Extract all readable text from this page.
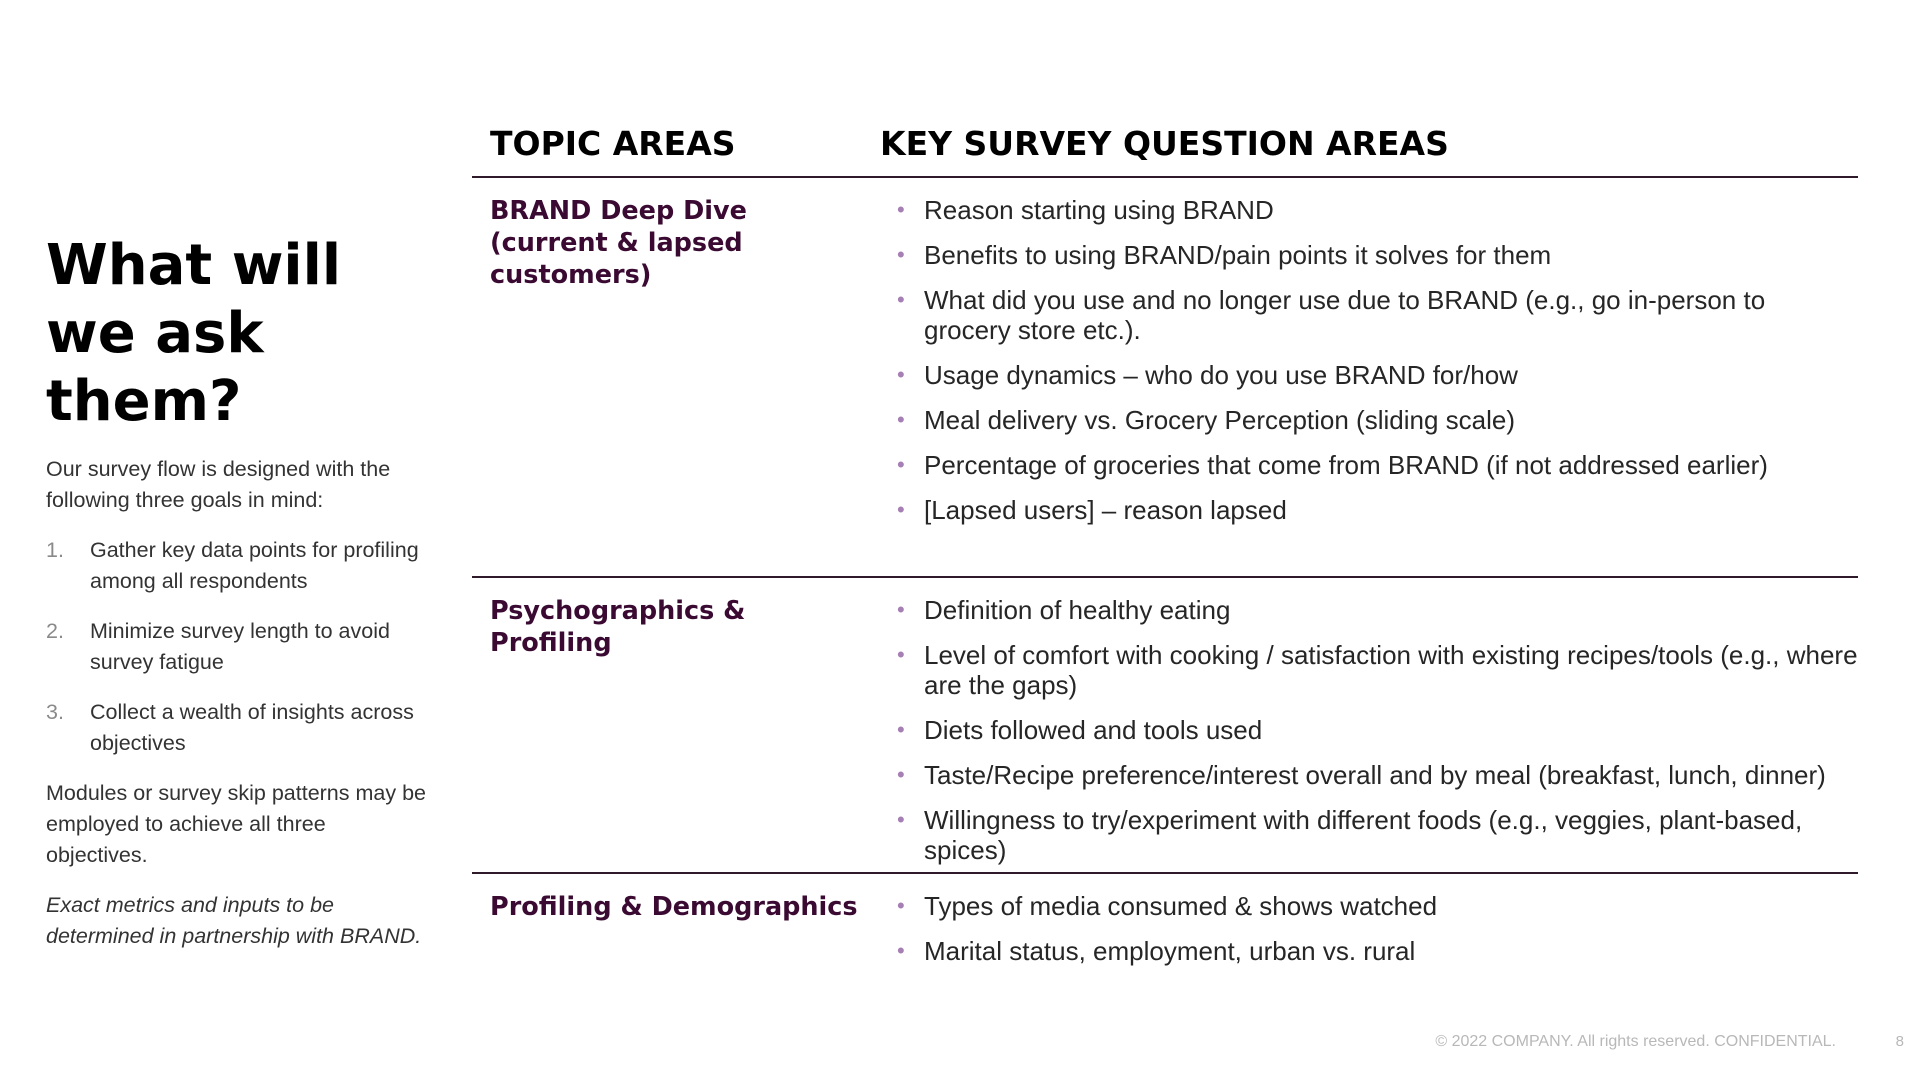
What will we ask them?

Our survey flow is designed with the following three goals in mind:

1. Gather key data points for profiling among all respondents
2. Minimize survey length to avoid survey fatigue
3. Collect a wealth of insights across objectives

Modules or survey skip patterns may be employed to achieve all three objectives.

Exact metrics and inputs to be determined in partnership with BRAND.

TOPIC AREAS	KEY SURVEY QUESTION AREAS
BRAND Deep Dive (current & lapsed customers)
• Reason starting using BRAND
• Benefits to using BRAND/pain points it solves for them
• What did you use and no longer use due to BRAND (e.g., go in-person to grocery store etc.).
• Usage dynamics – who do you use BRAND for/how
• Meal delivery vs. Grocery Perception (sliding scale)
• Percentage of groceries that come from BRAND (if not addressed earlier)
• [Lapsed users] – reason lapsed
Psychographics & Profiling
• Definition of healthy eating
• Level of comfort with cooking / satisfaction with existing recipes/tools (e.g., where are the gaps)
• Diets followed and tools used
• Taste/Recipe preference/interest overall and by meal (breakfast, lunch, dinner)
• Willingness to try/experiment with different foods (e.g., veggies, plant-based, spices)
Profiling & Demographics • Types of media consumed & shows watched
• Marital status, employment, urban vs. rural
© 2022 COMPANY. All rights reserved. CONFIDENTIAL.	8
